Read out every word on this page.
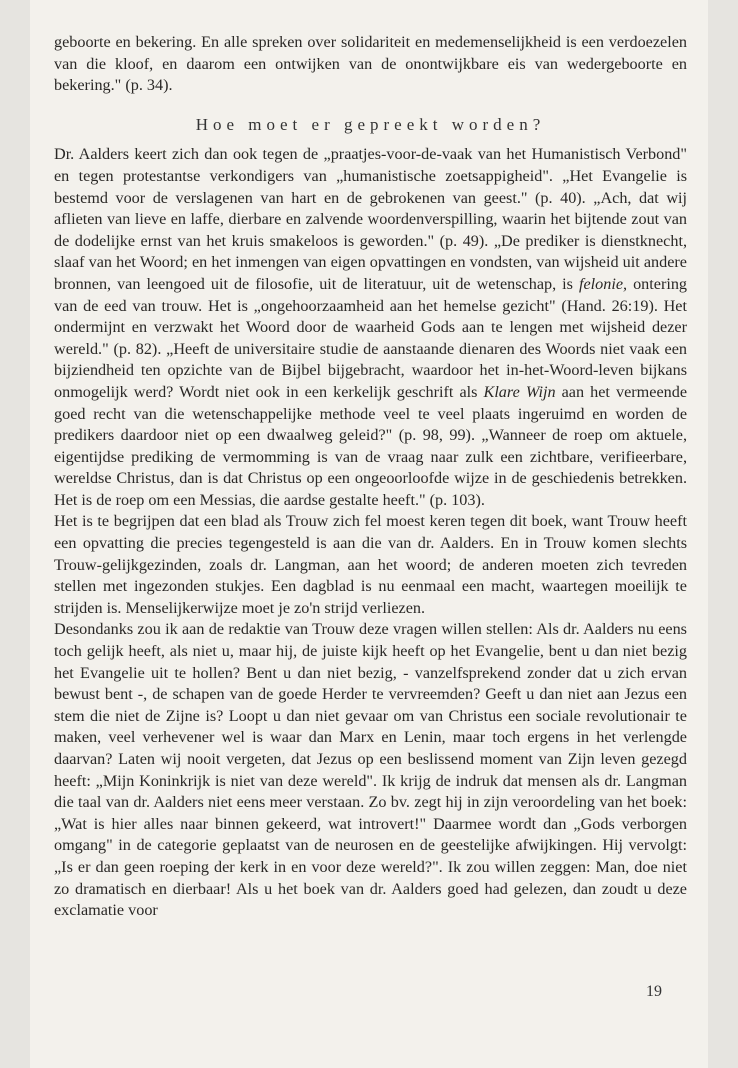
geboorte en bekering. En alle spreken over solidariteit en medemenselijkheid is een verdoezelen van die kloof, en daarom een ontwijken van de onontwijkbare eis van wedergeboorte en bekering." (p. 34).

Hoe moet er gepreekt worden?

Dr. Aalders keert zich dan ook tegen de „praatjes-voor-de-vaak van het Humanistisch Verbond" en tegen protestantse verkondigers van „humanistische zoetsappigheid". „Het Evangelie is bestemd voor de verslagenen van hart en de gebrokenen van geest." (p. 40). „Ach, dat wij aflieten van lieve en laffe, dierbare en zalvende woordenverspilling, waarin het bijtende zout van de dodelijke ernst van het kruis smakeloos is geworden." (p. 49). „De prediker is dienstknecht, slaaf van het Woord; en het inmengen van eigen opvattingen en vondsten, van wijsheid uit andere bronnen, van leengoed uit de filosofie, uit de literatuur, uit de wetenschap, is felonie, ontering van de eed van trouw. Het is „ongehoorzaamheid aan het hemelse gezicht" (Hand. 26:19). Het ondermijnt en verzwakt het Woord door de waarheid Gods aan te lengen met wijsheid dezer wereld." (p. 82). „Heeft de universitaire studie de aanstaande dienaren des Woords niet vaak een bijziendheid ten opzichte van de Bijbel bijgebracht, waardoor het in-het-Woord-leven bijkans onmogelijk werd? Wordt niet ook in een kerkelijk geschrift als Klare Wijn aan het vermeende goed recht van die wetenschappelijke methode veel te veel plaats ingeruimd en worden de predikers daardoor niet op een dwaalweg geleid?" (p. 98, 99). „Wanneer de roep om aktuele, eigentijdse prediking de vermomming is van de vraag naar zulk een zichtbare, verifieerbare, wereldse Christus, dan is dat Christus op een ongeoorloofde wijze in de geschiedenis betrekken. Het is de roep om een Messias, die aardse gestalte heeft." (p. 103).

Het is te begrijpen dat een blad als Trouw zich fel moest keren tegen dit boek, want Trouw heeft een opvatting die precies tegengesteld is aan die van dr. Aalders. En in Trouw komen slechts Trouw-gelijkgezinden, zoals dr. Langman, aan het woord; de anderen moeten zich tevreden stellen met ingezonden stukjes. Een dagblad is nu eenmaal een macht, waartegen moeilijk te strijden is. Menselijkerwijze moet je zo'n strijd verliezen.

Desondanks zou ik aan de redaktie van Trouw deze vragen willen stellen: Als dr. Aalders nu eens toch gelijk heeft, als niet u, maar hij, de juiste kijk heeft op het Evangelie, bent u dan niet bezig het Evangelie uit te hollen? Bent u dan niet bezig, - vanzelfsprekend zonder dat u zich ervan bewust bent -, de schapen van de goede Herder te vervreemden? Geeft u dan niet aan Jezus een stem die niet de Zijne is? Loopt u dan niet gevaar om van Christus een sociale revolutionair te maken, veel verhevener wel is waar dan Marx en Lenin, maar toch ergens in het verlengde daarvan? Laten wij nooit vergeten, dat Jezus op een beslissend moment van Zijn leven gezegd heeft: „Mijn Koninkrijk is niet van deze wereld". Ik krijg de indruk dat mensen als dr. Langman die taal van dr. Aalders niet eens meer verstaan. Zo bv. zegt hij in zijn veroordeling van het boek: „Wat is hier alles naar binnen gekeerd, wat introvert!" Daarmee wordt dan „Gods verborgen omgang" in de categorie geplaatst van de neurosen en de geestelijke afwijkingen. Hij vervolgt: „Is er dan geen roeping der kerk in en voor deze wereld?". Ik zou willen zeggen: Man, doe niet zo dramatisch en dierbaar! Als u het boek van dr. Aalders goed had gelezen, dan zoudt u deze exclamatie voor

19
